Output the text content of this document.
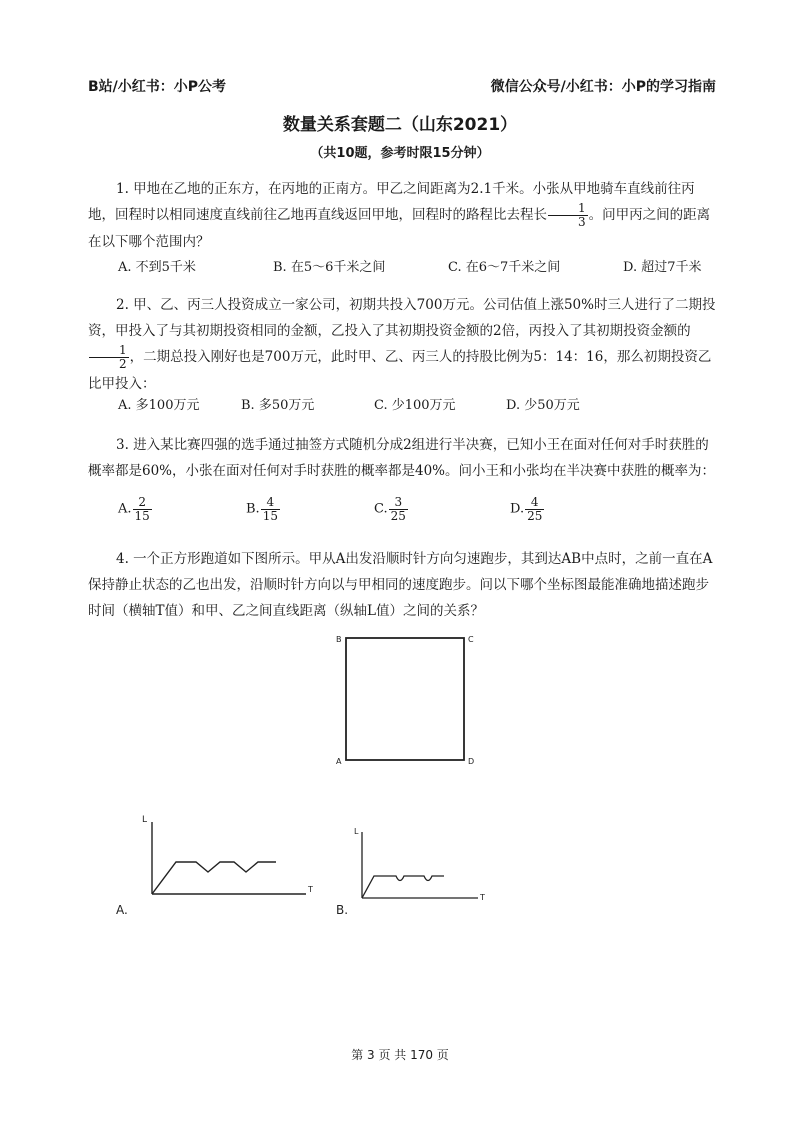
B站/小红书：小P公考	微信公众号/小红书：小P的学习指南
数量关系套题二（山东2021）
（共10题，参考时限15分钟）
1. 甲地在乙地的正东方，在丙地的正南方。甲乙之间距离为2.1千米。小张从甲地骑车直线前往丙地，回程时以相同速度直线前往乙地再直线返回甲地，回程时的路程比去程长 $\frac{1}{3}$ 。问甲丙之间的距离在以下哪个范围内？
A. 不到5千米	B. 在5～6千米之间	C. 在6～7千米之间	D. 超过7千米
2. 甲、乙、丙三人投资成立一家公司，初期共投入700万元。公司估值上涨50%时三人进行了二期投资，甲投入了与其初期投资相同的金额，乙投入了其初期投资金额的2倍，丙投入了其初期投资金额的
$\frac{1}{2}$ ，二期总投入刚好也是700万元，此时甲、乙、丙三人的持股比例为5：14：16，那么初期投资乙比甲投入：
A. 多100万元	B. 多50万元	C. 少100万元	D. 少50万元
3. 进入某比赛四强的选手通过抽签方式随机分成2组进行半决赛，已知小王在面对任何对手时获胜的概率都是60%，小张在面对任何对手时获胜的概率都是40%。问小王和小张均在半决赛中获胜的概率为：
A. $\frac{2}{15}$	B. $\frac{4}{15}$	C. $\frac{3}{25}$	D. $\frac{4}{25}$
4. 一个正方形跑道如下图所示。甲从A出发沿顺时针方向匀速跑步，其到达AB中点时，之前一直在A保持静止状态的乙也出发，沿顺时针方向以与甲相同的速度跑步。问以下哪个坐标图最能准确地描述跑步时间（横轴T值）和甲、乙之间直线距离（纵轴L值）之间的关系？
B	C
A	D
L
T
A.
L
T
B.
第 3 页 共 170 页
